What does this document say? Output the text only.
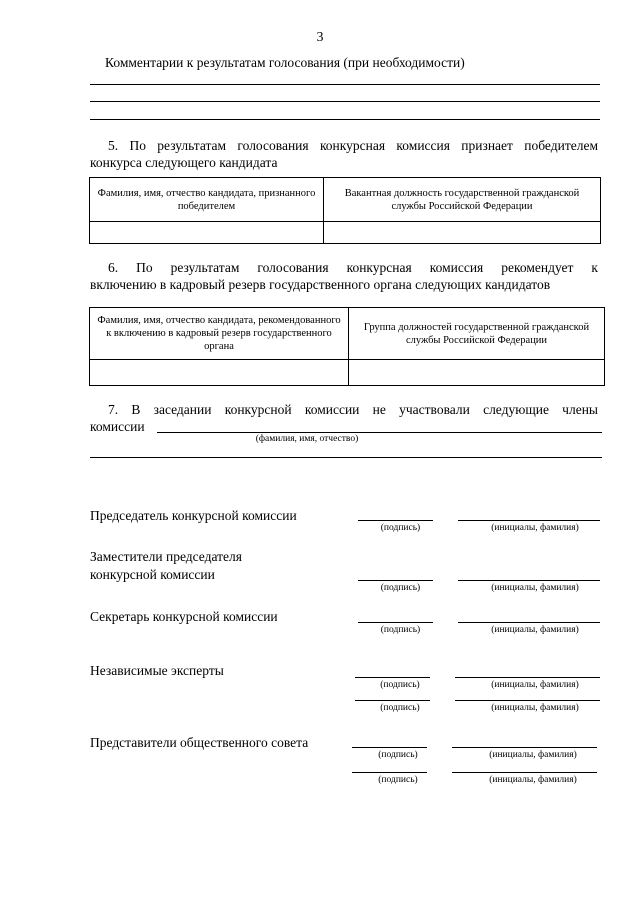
3
Комментарии к результатам голосования (при необходимости)
5. По результатам голосования конкурсная комиссия признает победителем
конкурса следующего кандидата
Фамилия, имя, отчество кандидата, признанного победителем	Вакантная должность государственной гражданской службы Российской Федерации

6. По результатам голосования конкурсная комиссия рекомендует к
включению в кадровый резерв государственного органа следующих кандидатов
Фамилия, имя, отчество кандидата, рекомендованного к включению в кадровый резерв государственного органа	Группа должностей государственной гражданской службы Российской Федерации

7. В заседании конкурсной комиссии не участвовали следующие члены
комиссии
(фамилия, имя, отчество)
Председатель конкурсной комиссии
(подпись)	(инициалы, фамилия)
Заместители председателя
конкурсной комиссии
(подпись)	(инициалы, фамилия)
Секретарь конкурсной комиссии
(подпись)	(инициалы, фамилия)
Независимые эксперты
(подпись)	(инициалы, фамилия)
(подпись)	(инициалы, фамилия)
Представители общественного совета
(подпись)	(инициалы, фамилия)
(подпись)	(инициалы, фамилия)
